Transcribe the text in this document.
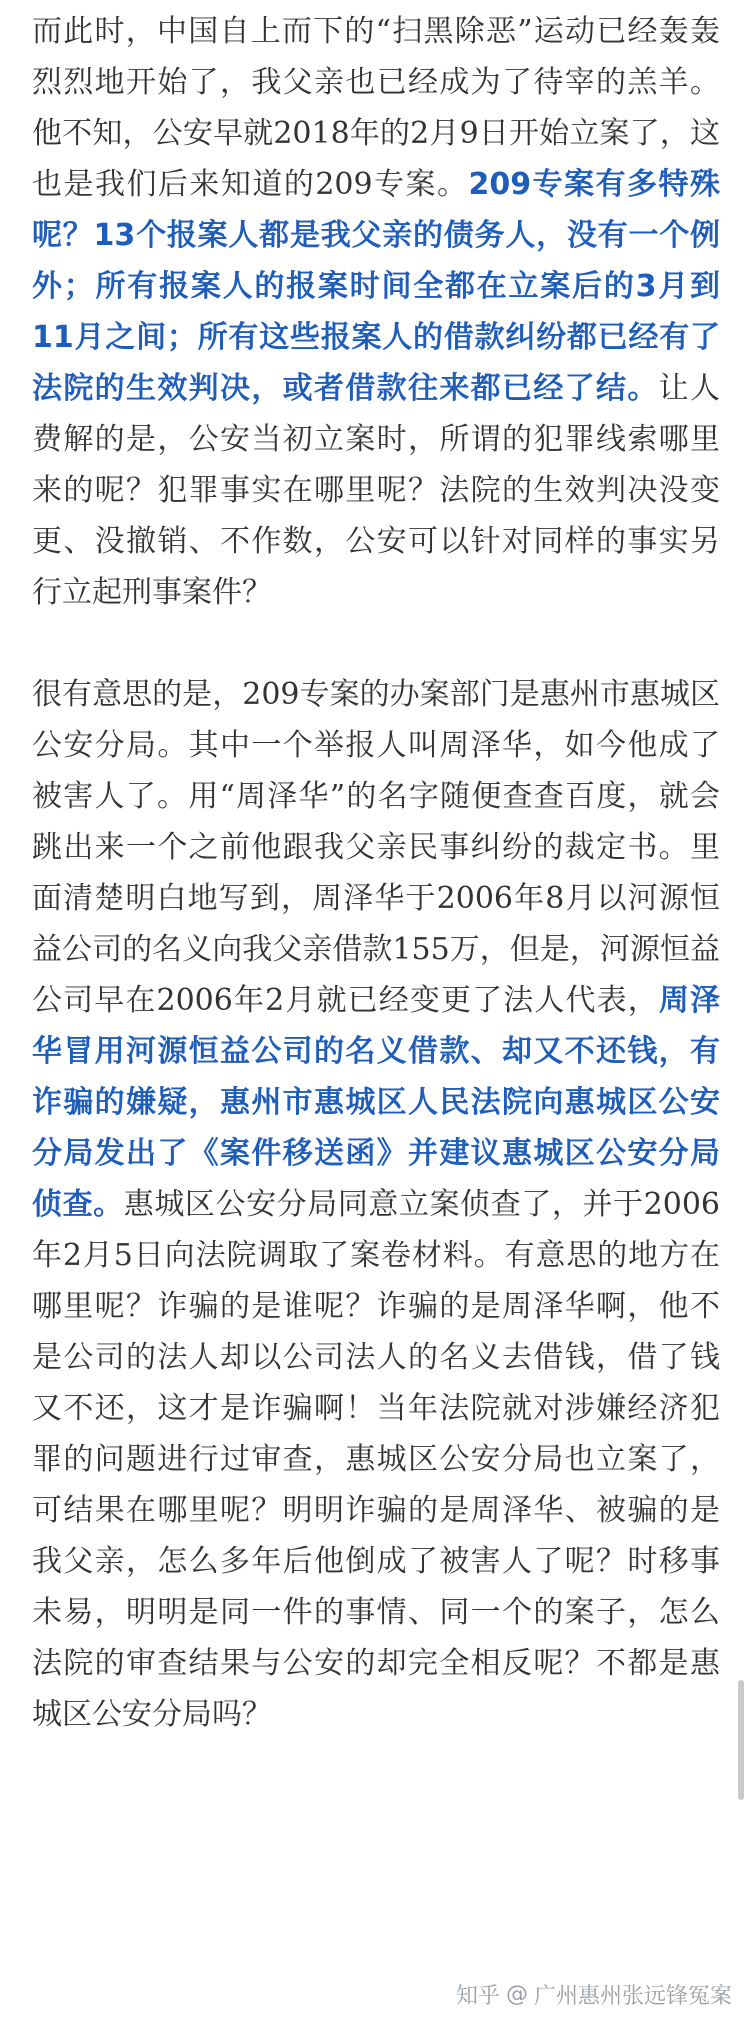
而此时，中国自上而下的“扫黑除恶”运动已经轰轰烈烈地开始了，我父亲也已经成为了待宰的羔羊。他不知，公安早就2018年的2月9日开始立案了，这也是我们后来知道的209专案。209专案有多特殊呢？13个报案人都是我父亲的债务人，没有一个例外；所有报案人的报案时间全都在立案后的3月到11月之间；所有这些报案人的借款纠纷都已经有了法院的生效判决，或者借款往来都已经了结。让人费解的是，公安当初立案时，所谓的犯罪线索哪里来的呢？犯罪事实在哪里呢？法院的生效判决没变更、没撤销、不作数，公安可以针对同样的事实另行立起刑事案件？

很有意思的是，209专案的办案部门是惠州市惠城区公安分局。其中一个举报人叫周泽华，如今他成了被害人了。用“周泽华”的名字随便查查百度，就会跳出来一个之前他跟我父亲民事纠纷的裁定书。里面清楚明白地写到，周泽华于2006年8月以河源恒益公司的名义向我父亲借款155万，但是，河源恒益公司早在2006年2月就已经变更了法人代表，周泽华冒用河源恒益公司的名义借款、却又不还钱，有诈骗的嫌疑，惠州市惠城区人民法院向惠城区公安分局发出了《案件移送函》并建议惠城区公安分局侦查。惠城区公安分局同意立案侦查了，并于2006年2月5日向法院调取了案卷材料。有意思的地方在哪里呢？诈骗的是谁呢？诈骗的是周泽华啊，他不是公司的法人却以公司法人的名义去借钱，借了钱又不还，这才是诈骗啊！当年法院就对涉嫌经济犯罪的问题进行过审查，惠城区公安分局也立案了，可结果在哪里呢？明明诈骗的是周泽华、被骗的是我父亲，怎么多年后他倒成了被害人了呢？时移事未易，明明是同一件的事情、同一个的案子，怎么法院的审查结果与公安的却完全相反呢？不都是惠城区公安分局吗？

知乎 @ 广州惠州张远锋冤案
